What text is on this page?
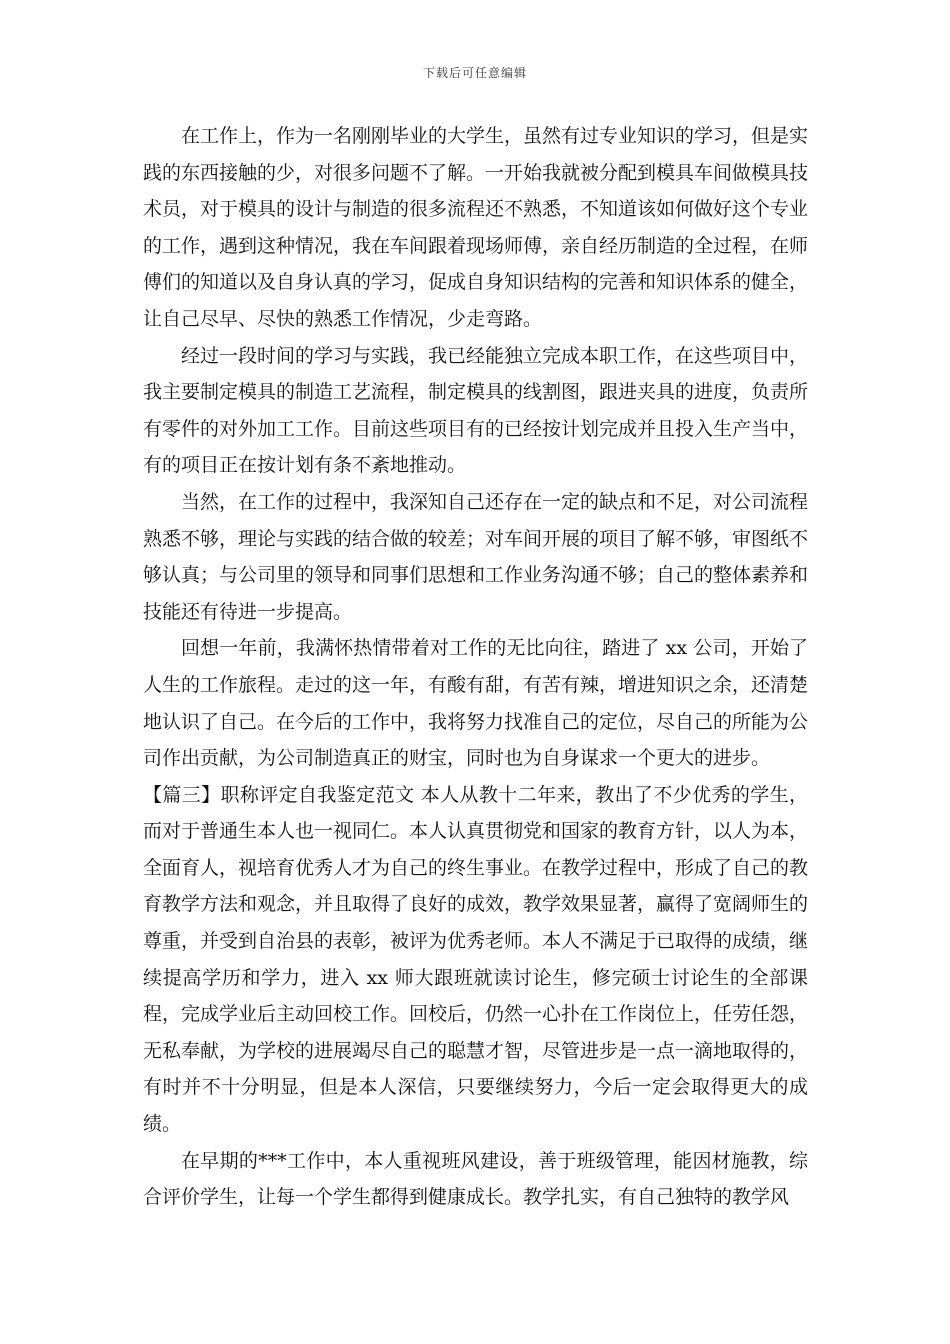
下载后可任意编辑

在工作上，作为一名刚刚毕业的大学生，虽然有过专业知识的学习，但是实践的东西接触的少，对很多问题不了解。一开始我就被分配到模具车间做模具技术员，对于模具的设计与制造的很多流程还不熟悉，不知道该如何做好这个专业的工作，遇到这种情况，我在车间跟着现场师傅，亲自经历制造的全过程，在师傅们的知道以及自身认真的学习，促成自身知识结构的完善和知识体系的健全，让自己尽早、尽快的熟悉工作情况，少走弯路。

经过一段时间的学习与实践，我已经能独立完成本职工作，在这些项目中，我主要制定模具的制造工艺流程，制定模具的线割图，跟进夹具的进度，负责所有零件的对外加工工作。目前这些项目有的已经按计划完成并且投入生产当中，有的项目正在按计划有条不紊地推动。

当然，在工作的过程中，我深知自己还存在一定的缺点和不足，对公司流程熟悉不够，理论与实践的结合做的较差；对车间开展的项目了解不够，审图纸不够认真；与公司里的领导和同事们思想和工作业务沟通不够；自己的整体素养和技能还有待进一步提高。

回想一年前，我满怀热情带着对工作的无比向往，踏进了 xx 公司，开始了人生的工作旅程。走过的这一年，有酸有甜，有苦有辣，增进知识之余，还清楚地认识了自己。在今后的工作中，我将努力找准自己的定位，尽自己的所能为公司作出贡献，为公司制造真正的财宝，同时也为自身谋求一个更大的进步。

【篇三】职称评定自我鉴定范文 本人从教十二年来，教出了不少优秀的学生，而对于普通生本人也一视同仁。本人认真贯彻党和国家的教育方针，以人为本，全面育人，视培育优秀人才为自己的终生事业。在教学过程中，形成了自己的教育教学方法和观念，并且取得了良好的成效，教学效果显著，赢得了宽阔师生的尊重，并受到自治县的表彰，被评为优秀老师。本人不满足于已取得的成绩，继续提高学历和学力，进入 xx 师大跟班就读讨论生，修完硕士讨论生的全部课程，完成学业后主动回校工作。回校后，仍然一心扑在工作岗位上，任劳任怨，无私奉献，为学校的进展竭尽自己的聪慧才智，尽管进步是一点一滴地取得的，有时并不十分明显，但是本人深信，只要继续努力，今后一定会取得更大的成绩。

在早期的***工作中，本人重视班风建设，善于班级管理，能因材施教，综合评价学生，让每一个学生都得到健康成长。教学扎实，有自己独特的教学风
